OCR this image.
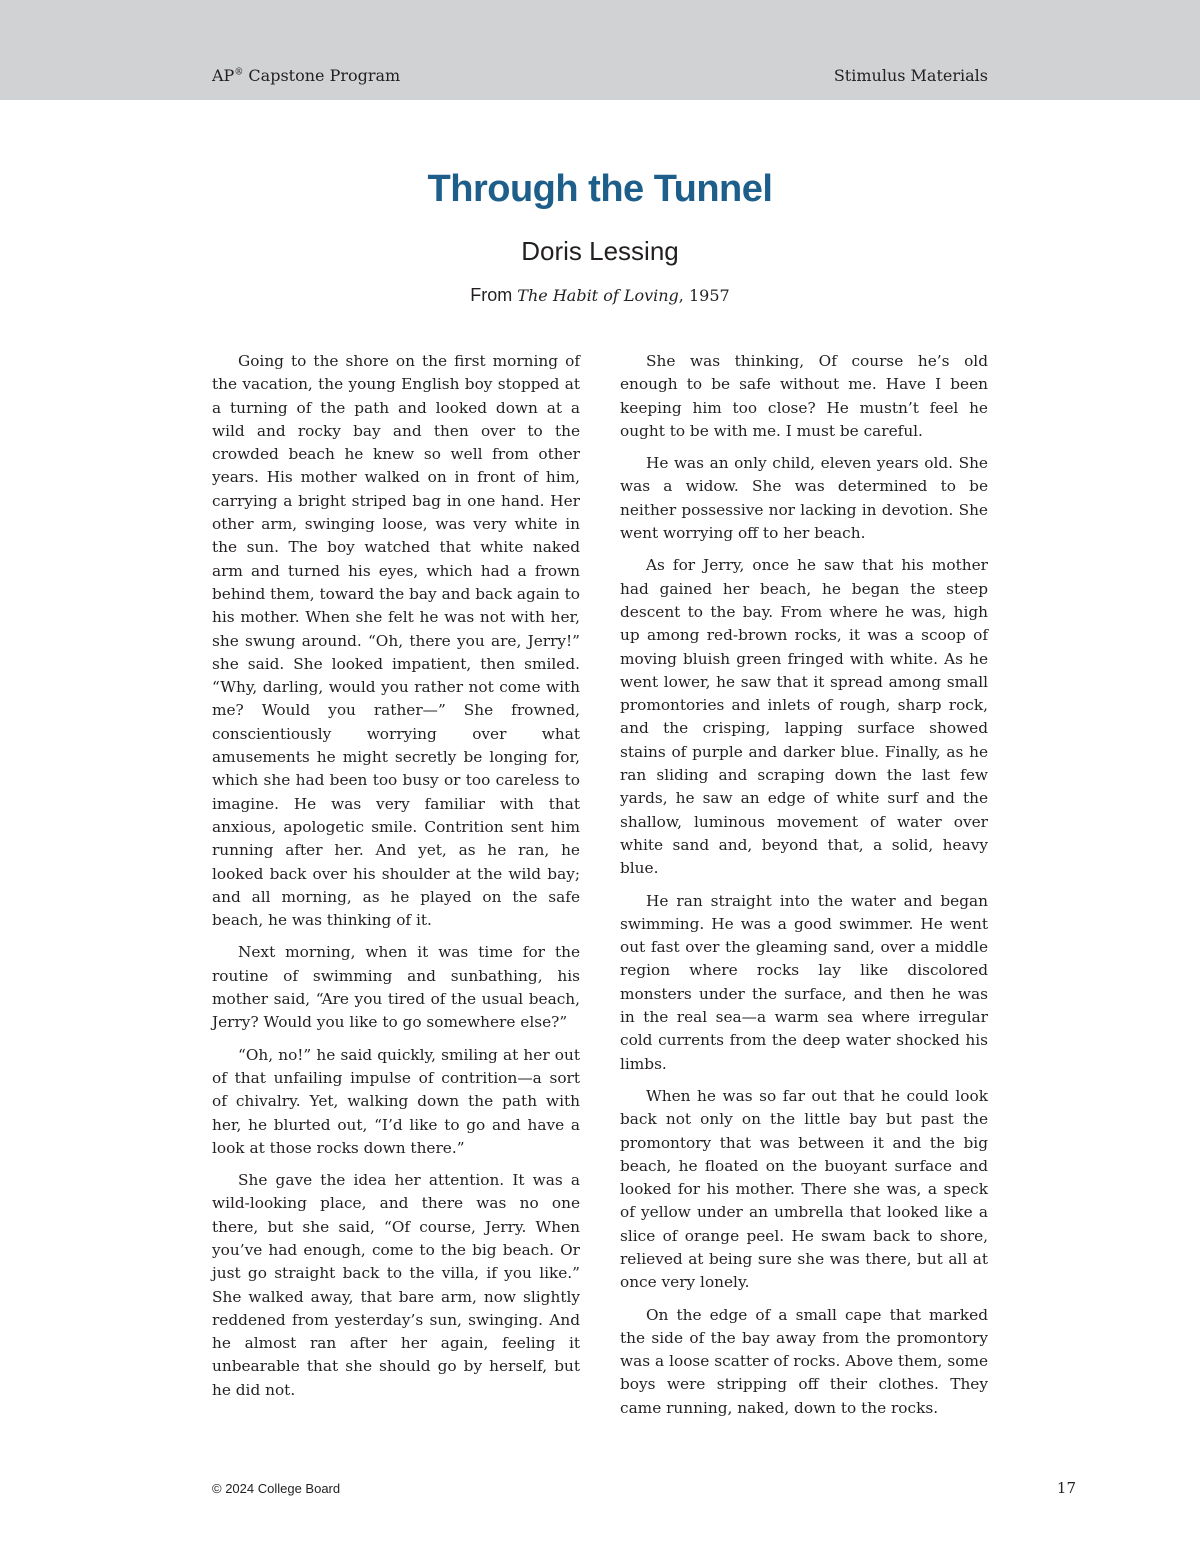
AP® Capstone Program	Stimulus Materials
Through the Tunnel
Doris Lessing
From The Habit of Loving, 1957

Going to the shore on the first morning of the vacation, the young English boy stopped at a turning of the path and looked down at a wild and rocky bay and then over to the crowded beach he knew so well from other years. His mother walked on in front of him, carrying a bright striped bag in one hand. Her other arm, swinging loose, was very white in the sun. The boy watched that white naked arm and turned his eyes, which had a frown behind them, toward the bay and back again to his mother. When she felt he was not with her, she swung around. “Oh, there you are, Jerry!” she said. She looked impatient, then smiled. “Why, darling, would you rather not come with me? Would you rather—” She frowned, conscientiously worrying over what amusements he might secretly be longing for, which she had been too busy or too careless to imagine. He was very familiar with that anxious, apologetic smile. Contrition sent him running after her. And yet, as he ran, he looked back over his shoulder at the wild bay; and all morning, as he played on the safe beach, he was thinking of it.

Next morning, when it was time for the routine of swimming and sunbathing, his mother said, “Are you tired of the usual beach, Jerry? Would you like to go somewhere else?”

“Oh, no!” he said quickly, smiling at her out of that unfailing impulse of contrition—a sort of chivalry. Yet, walking down the path with her, he blurted out, “I’d like to go and have a look at those rocks down there.”

She gave the idea her attention. It was a wild-looking place, and there was no one there, but she said, “Of course, Jerry. When you’ve had enough, come to the big beach. Or just go straight back to the villa, if you like.” She walked away, that bare arm, now slightly reddened from yesterday’s sun, swinging. And he almost ran after her again, feeling it unbearable that she should go by herself, but he did not.

She was thinking, Of course he’s old enough to be safe without me. Have I been keeping him too close? He mustn’t feel he ought to be with me. I must be careful.

He was an only child, eleven years old. She was a widow. She was determined to be neither possessive nor lacking in devotion. She went worrying off to her beach.

As for Jerry, once he saw that his mother had gained her beach, he began the steep descent to the bay. From where he was, high up among red-brown rocks, it was a scoop of moving bluish green fringed with white. As he went lower, he saw that it spread among small promontories and inlets of rough, sharp rock, and the crisping, lapping surface showed stains of purple and darker blue. Finally, as he ran sliding and scraping down the last few yards, he saw an edge of white surf and the shallow, luminous movement of water over white sand and, beyond that, a solid, heavy blue.

He ran straight into the water and began swimming. He was a good swimmer. He went out fast over the gleaming sand, over a middle region where rocks lay like discolored monsters under the surface, and then he was in the real sea—a warm sea where irregular cold currents from the deep water shocked his limbs.

When he was so far out that he could look back not only on the little bay but past the promontory that was between it and the big beach, he floated on the buoyant surface and looked for his mother. There she was, a speck of yellow under an umbrella that looked like a slice of orange peel. He swam back to shore, relieved at being sure she was there, but all at once very lonely.

On the edge of a small cape that marked the side of the bay away from the promontory was a loose scatter of rocks. Above them, some boys were stripping off their clothes. They came running, naked, down to the rocks.

© 2024 College Board	17
